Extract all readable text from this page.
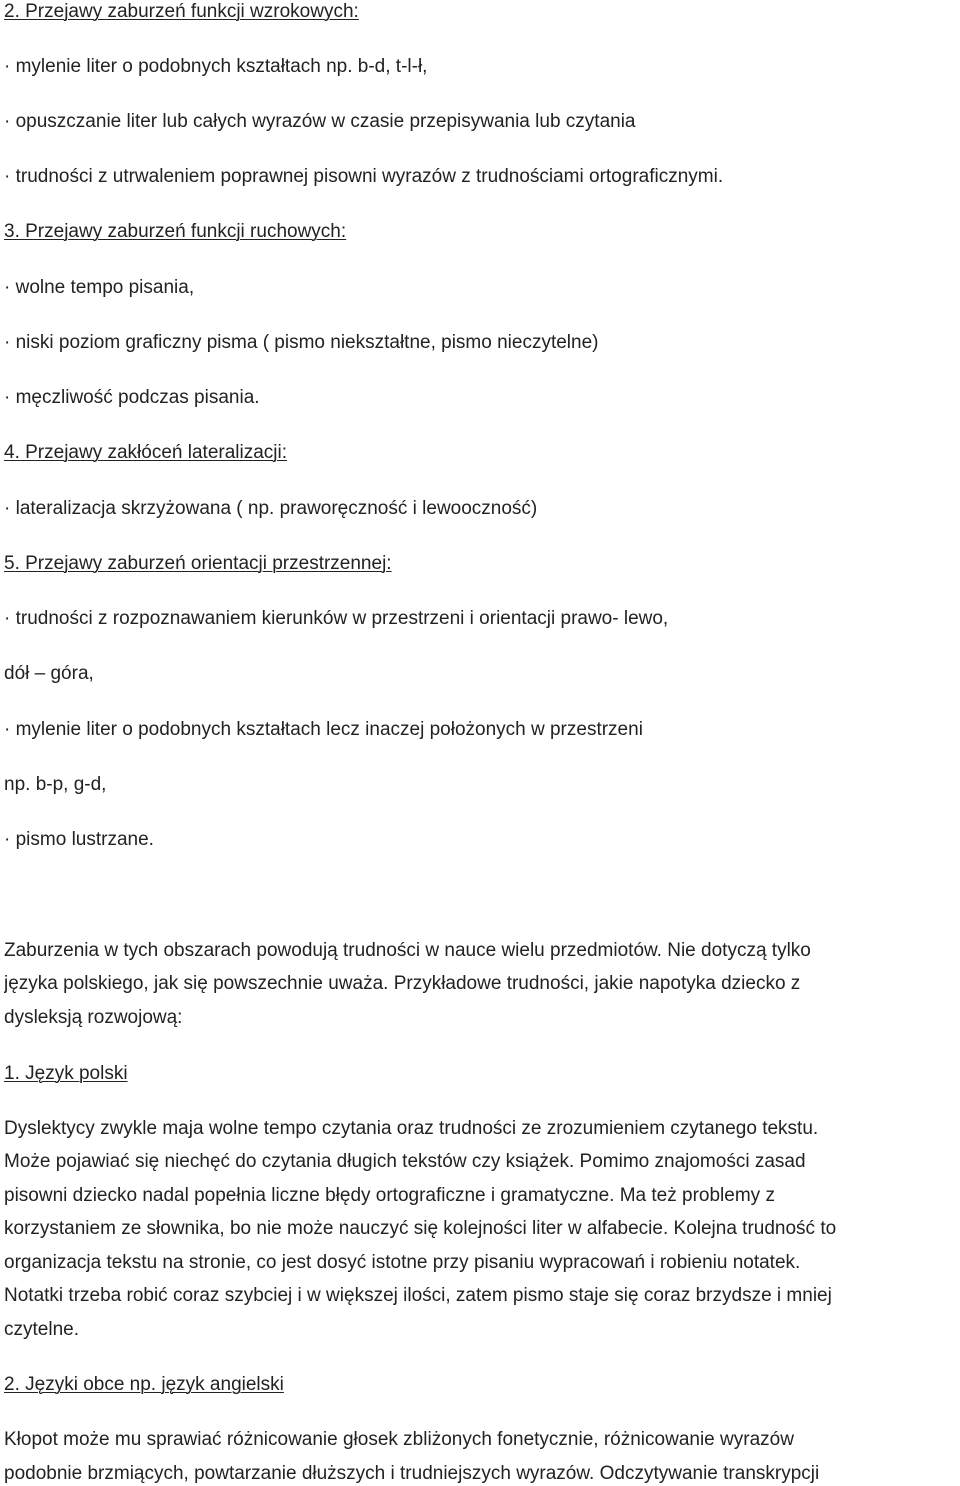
2. Przejawy zaburzeń funkcji wzrokowych:
· mylenie liter o podobnych kształtach np. b-d, t-l-ł,
· opuszczanie liter lub całych wyrazów w czasie przepisywania lub czytania
· trudności z utrwaleniem poprawnej pisowni wyrazów z trudnościami ortograficznymi.
3. Przejawy zaburzeń funkcji ruchowych:
· wolne tempo pisania,
· niski poziom graficzny pisma ( pismo niekształtne, pismo nieczytelne)
· męczliwość podczas pisania.
4. Przejawy zakłóceń lateralizacji:
· lateralizacja skrzyżowana ( np. praworęczność i lewooczność)
5. Przejawy zaburzeń orientacji przestrzennej:
· trudności z rozpoznawaniem kierunków w przestrzeni i orientacji prawo- lewo,
dół – góra,
· mylenie liter o podobnych kształtach lecz inaczej położonych w przestrzeni
np. b-p, g-d,
· pismo lustrzane.
Zaburzenia w tych obszarach powodują trudności w nauce wielu przedmiotów. Nie dotyczą tylko
języka polskiego, jak się powszechnie uważa. Przykładowe trudności, jakie napotyka dziecko z
dysleksją rozwojową:
1. Język polski
Dyslektycy zwykle maja wolne tempo czytania oraz trudności ze zrozumieniem czytanego tekstu.
Może pojawiać się niechęć do czytania długich tekstów czy książek. Pomimo znajomości zasad
pisowni dziecko nadal popełnia liczne błędy ortograficzne i gramatyczne. Ma też problemy z
korzystaniem ze słownika, bo nie może nauczyć się kolejności liter w alfabecie. Kolejna trudność to
organizacja tekstu na stronie, co jest dosyć istotne przy pisaniu wypracowań i robieniu notatek.
Notatki trzeba robić coraz szybciej i w większej ilości, zatem pismo staje się coraz brzydsze i mniej
czytelne.
2. Języki obce np. język angielski
Kłopot może mu sprawiać różnicowanie głosek zbliżonych fonetycznie, różnicowanie wyrazów
podobnie brzmiących, powtarzanie dłuższych i trudniejszych wyrazów. Odczytywanie transkrypcji
